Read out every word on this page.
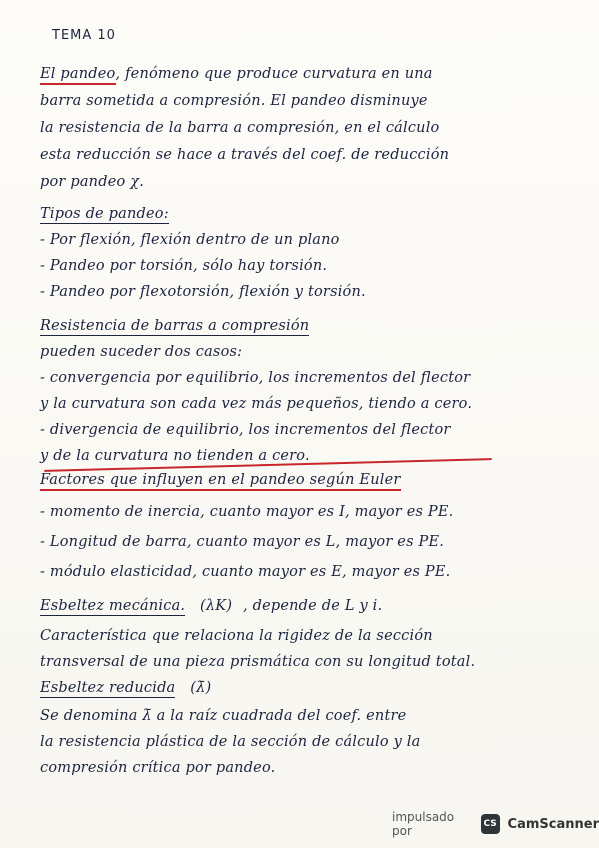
TEMA 10
El pandeo, fenómeno que produce curvatura en una
barra sometida a compresión. El pandeo disminuye
la resistencia de la barra a compresión, en el cálculo
esta reducción se hace a través del coef. de reducción
por pandeo χ.
Tipos de pandeo:
- Por flexión, flexión dentro de un plano
- Pandeo por torsión, sólo hay torsión.
- Pandeo por flexotorsión, flexión y torsión.
Resistencia de barras a compresión
pueden suceder dos casos:
- convergencia por equilibrio, los incrementos del flector
y la curvatura son cada vez más pequeños, tiendo a cero.
- divergencia de equilibrio, los incrementos del flector
y de la curvatura no tienden a cero.
Factores que influyen en el pandeo según Euler
- momento de inercia, cuanto mayor es I, mayor es PE.
- Longitud de barra, cuanto mayor es L, mayor es PE.
- módulo elasticidad, cuanto mayor es E, mayor es PE.
Esbeltez mecánica. (λK) , depende de L y i.
Característica que relaciona la rigidez de la sección
transversal de una pieza prismática con su longitud total.
Esbeltez reducida (λ̄)
Se denomina λ̄ a la raíz cuadrada del coef. entre
la resistencia plástica de la sección de cálculo y la
compresión crítica por pandeo.
impulsado por	CS CamScanner
